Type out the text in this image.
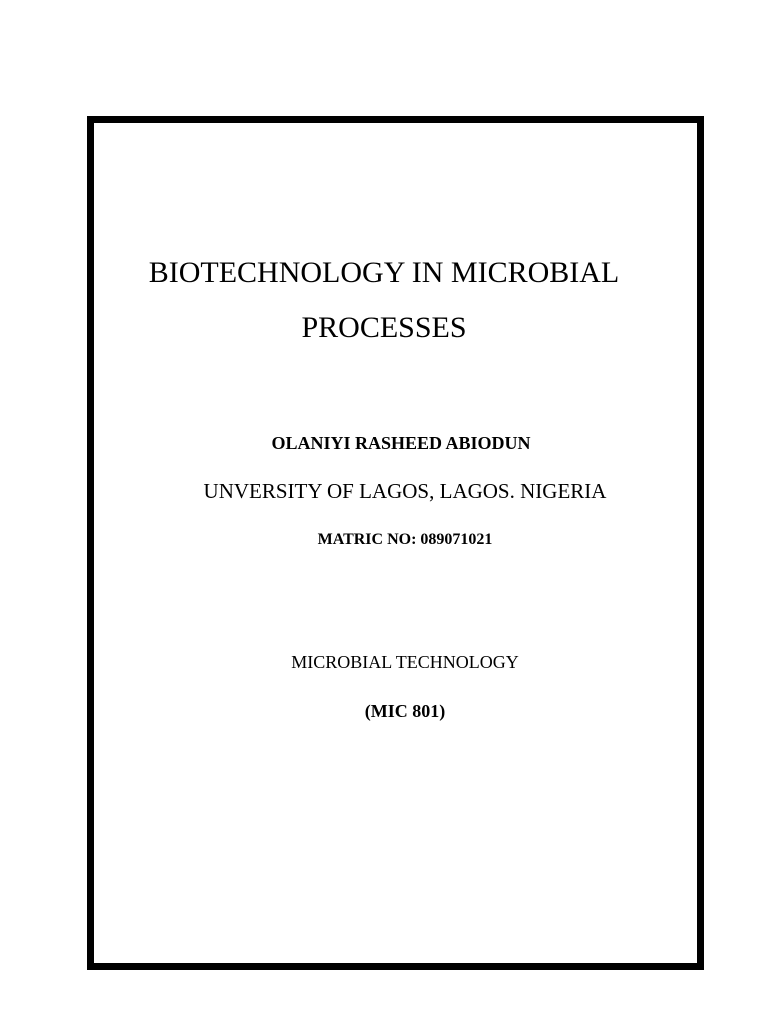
BIOTECHNOLOGY IN MICROBIAL
PROCESSES

OLANIYI RASHEED ABIODUN

UNVERSITY OF LAGOS, LAGOS. NIGERIA

MATRIC NO: 089071021

MICROBIAL TECHNOLOGY

(MIC 801)
